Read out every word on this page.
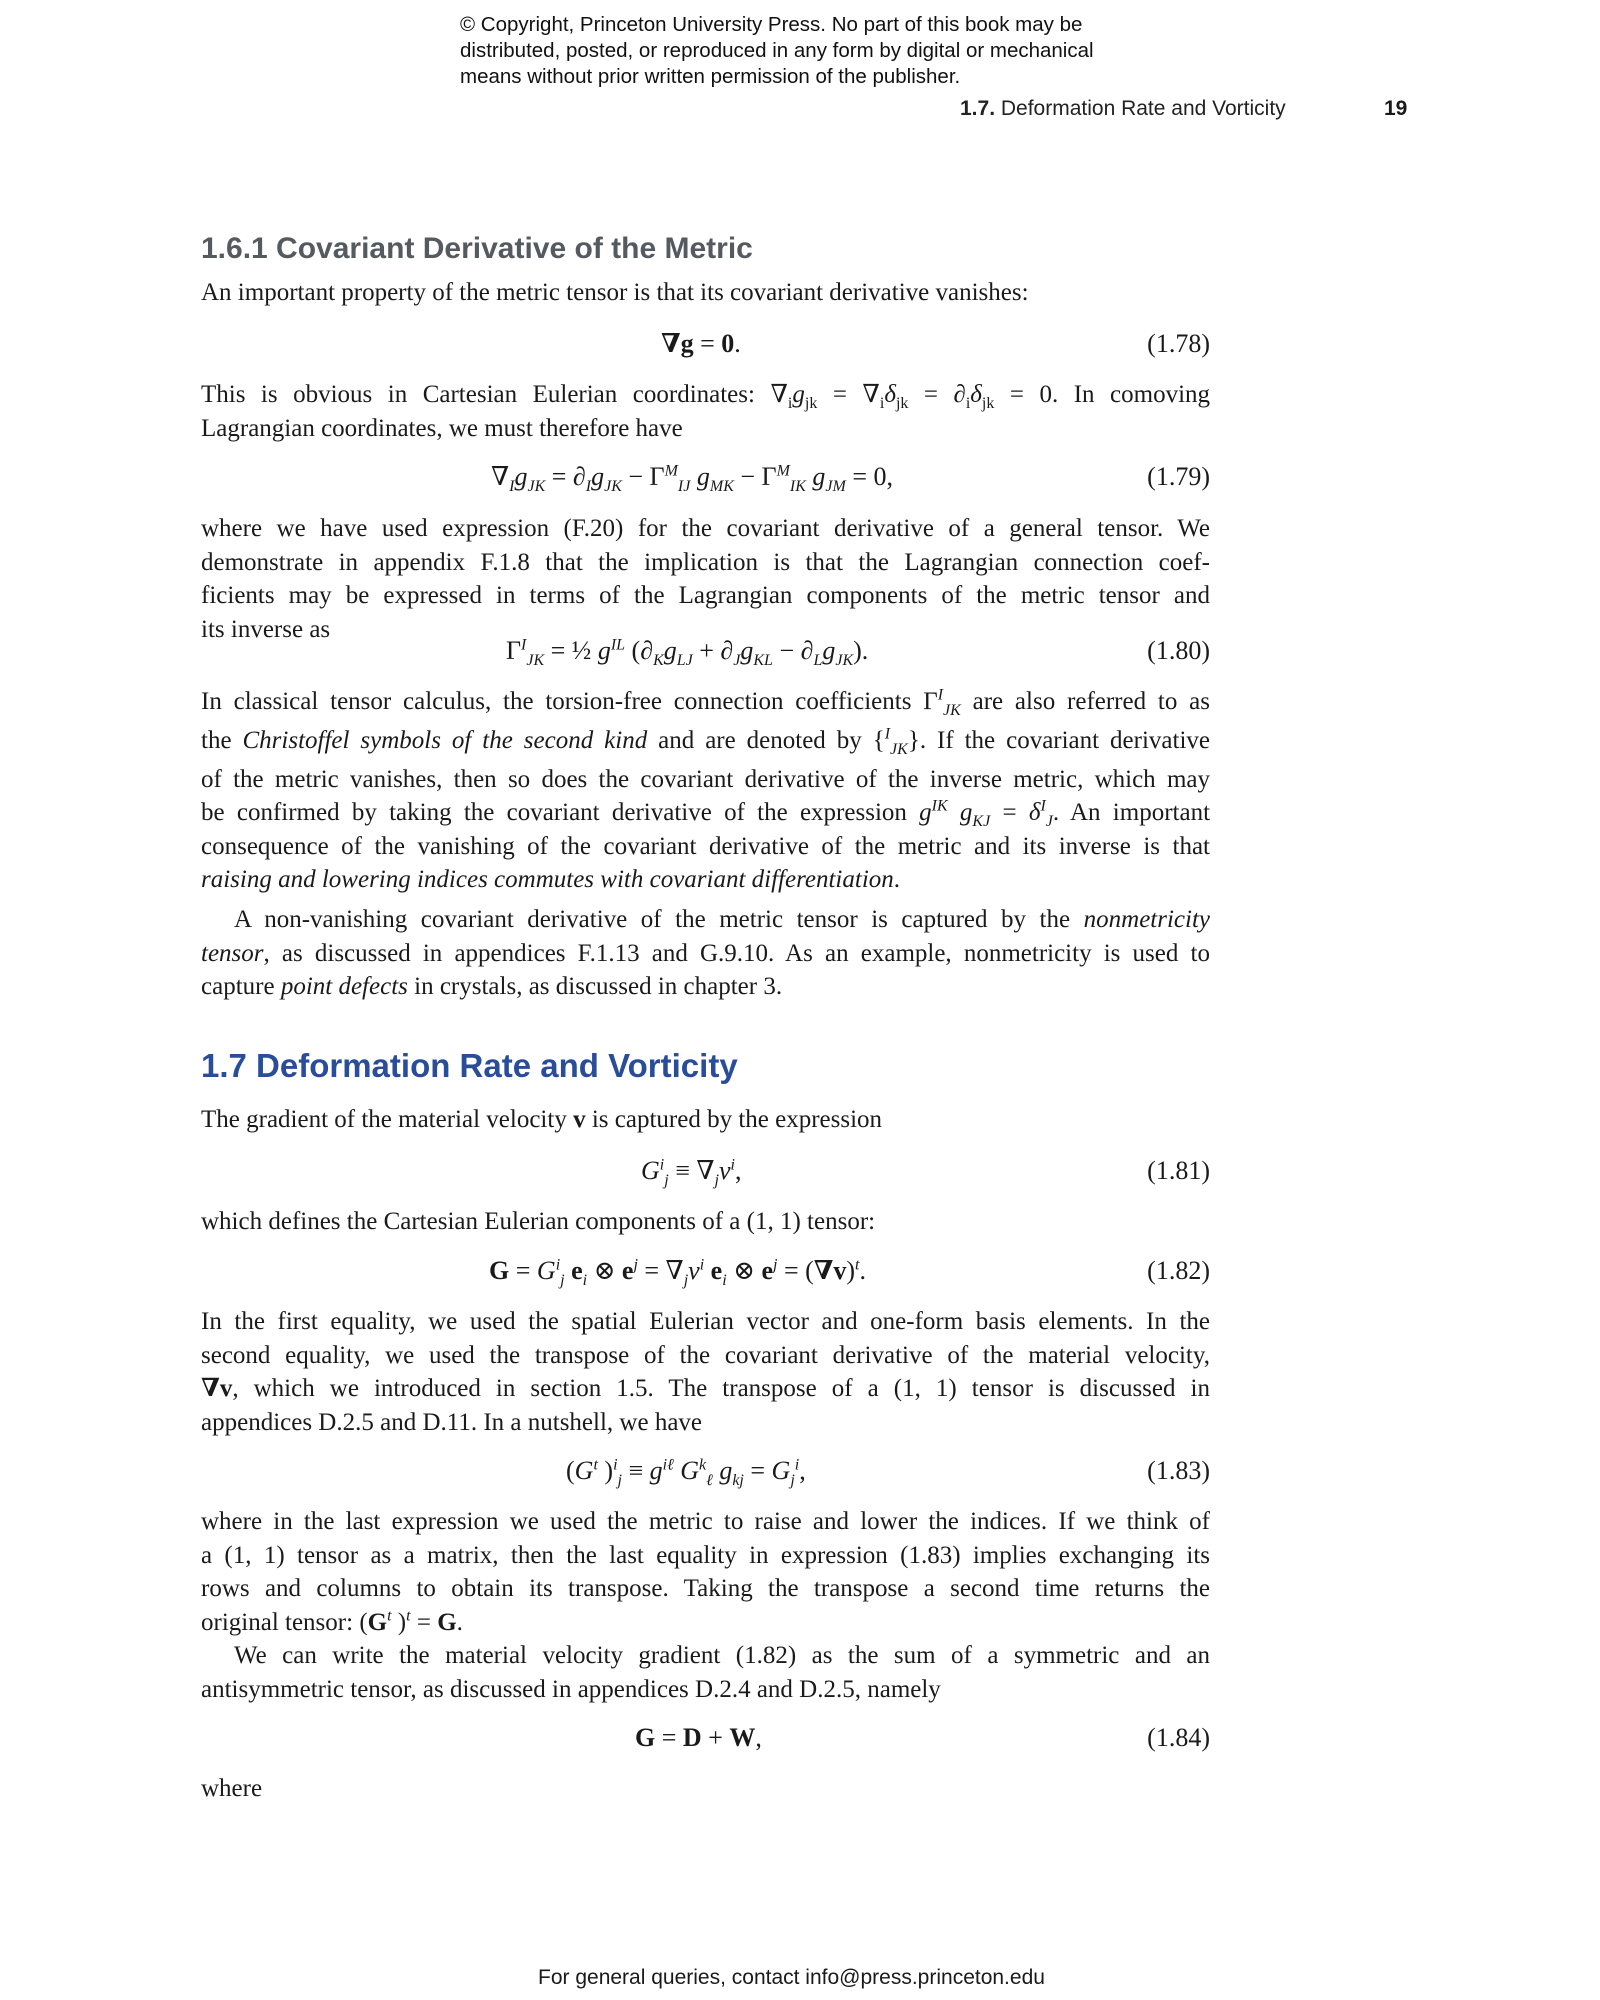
© Copyright, Princeton University Press. No part of this book may be
distributed, posted, or reproduced in any form by digital or mechanical
means without prior written permission of the publisher.
1.7. Deformation Rate and Vorticity	19
1.6.1 Covariant Derivative of the Metric
An important property of the metric tensor is that its covariant derivative vanishes:
∇g = 0.	(1.78)
This is obvious in Cartesian Eulerian coordinates: $\nabla_ig_{jk} = \nabla_i\delta_{jk} = \partial_i\delta_{jk} = 0$. In comoving
Lagrangian coordinates, we must therefore have
$\nabla_Ig_{JK} = \partial_Ig_{JK} - \Gamma^M_{IJ}$ $g_{MK} - \Gamma^M_{IK}$ $g_{JM} = 0$,	(1.79)
where we have used expression (F.20) for the covariant derivative of a general tensor. We
demonstrate in appendix F.1.8 that the implication is that the Lagrangian connection coef-
ficients may be expressed in terms of the Lagrangian components of the metric tensor and
its inverse as
$\Gamma^I_{JK}$ = ½ $g^{IL}$ $(\partial_Kg_{LJ} + \partial_Jg_{KL} - \partial_Lg_{JK})$.	(1.80)
In classical tensor calculus, the torsion-free connection coefficients $\Gamma^I_{JK}$ are also referred to as
the Christoffel symbols of the second kind and are denoted by {$^I_{JK}$}. If the covariant derivative
of the metric vanishes, then so does the covariant derivative of the inverse metric, which may
be confirmed by taking the covariant derivative of the expression $g^{IK}$ $g_{KJ} = \delta^I_J$. An important
consequence of the vanishing of the covariant derivative of the metric and its inverse is that
raising and lowering indices commutes with covariant differentiation.
A non-vanishing covariant derivative of the metric tensor is captured by the nonmetricity
tensor, as discussed in appendices F.1.13 and G.9.10. As an example, nonmetricity is used to
capture point defects in crystals, as discussed in chapter 3.
1.7 Deformation Rate and Vorticity
The gradient of the material velocity v is captured by the expression
$G^i_j \equiv \nabla_jv^i$,	(1.81)
which defines the Cartesian Eulerian components of a (1, 1) tensor:
$G = G^i_j$ $e_i$ ⊗ $e^j = \nabla_jv^i$ $e_i$ ⊗ $e^j = (\nabla v)^t$.	(1.82)
In the first equality, we used the spatial Eulerian vector and one-form basis elements. In the
second equality, we used the transpose of the covariant derivative of the material velocity,
∇v, which we introduced in section 1.5. The transpose of a (1, 1) tensor is discussed in
appendices D.2.5 and D.11. In a nutshell, we have
($G^t$ )$^i_j \equiv g^{i\ell}$ $G^k_\ell$ $g_{kj} = G_j^i$,	(1.83)
where in the last expression we used the metric to raise and lower the indices. If we think of
a (1, 1) tensor as a matrix, then the last equality in expression (1.83) implies exchanging its
rows and columns to obtain its transpose. Taking the transpose a second time returns the
original tensor: ($G^t$ )$^t$ = G.
We can write the material velocity gradient (1.82) as the sum of a symmetric and an
antisymmetric tensor, as discussed in appendices D.2.4 and D.2.5, namely
G = D + W,	(1.84)
where
For general queries, contact info@press.princeton.edu
